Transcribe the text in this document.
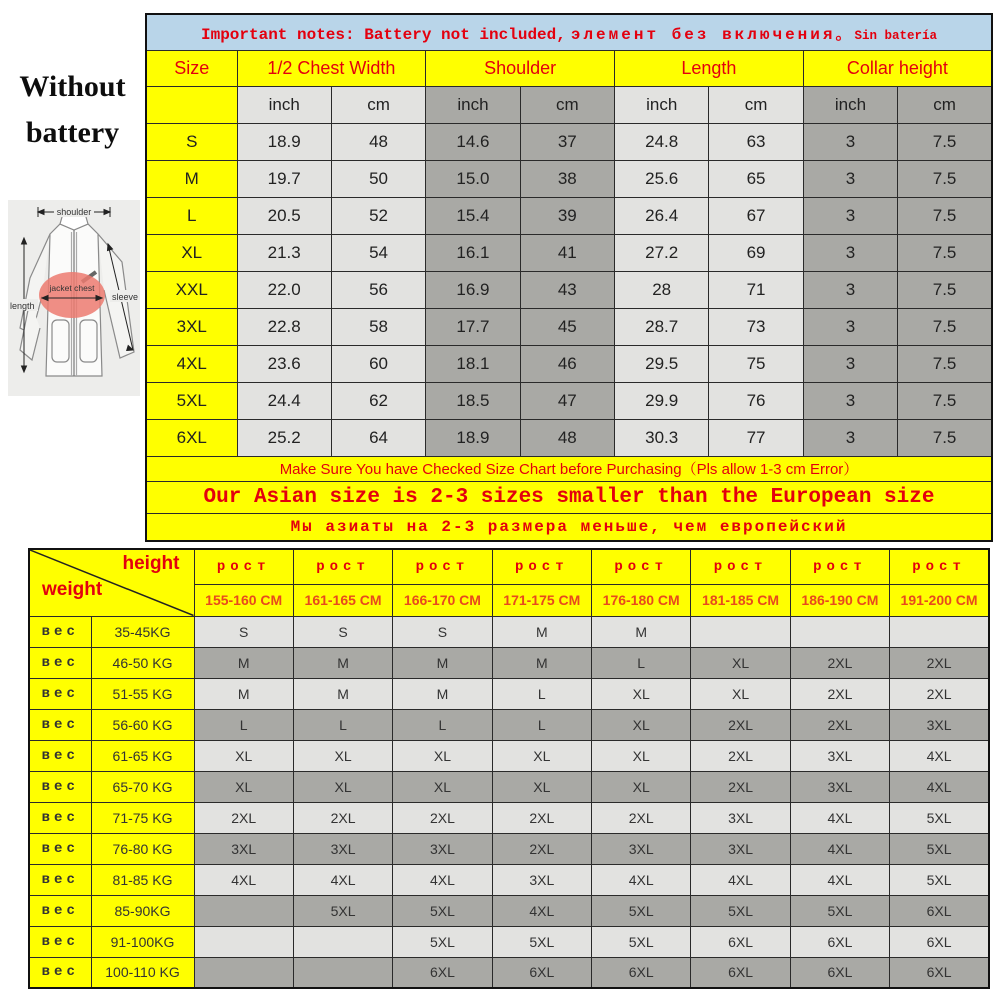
Without
battery
shoulder
length
sleeve
jacket chest
Important notes: Battery not included, элемент без включения。Sin batería								
Size	1/2 Chest Width		Shoulder		Length		Collar height	
	inch	cm	inch	cm	inch	cm	inch	cm
S	18.9	48	14.6	37	24.8	63	3	7.5
M	19.7	50	15.0	38	25.6	65	3	7.5
L	20.5	52	15.4	39	26.4	67	3	7.5
XL	21.3	54	16.1	41	27.2	69	3	7.5
XXL	22.0	56	16.9	43	28	71	3	7.5
3XL	22.8	58	17.7	45	28.7	73	3	7.5
4XL	23.6	60	18.1	46	29.5	75	3	7.5
5XL	24.4	62	18.5	47	29.9	76	3	7.5
6XL	25.2	64	18.9	48	30.3	77	3	7.5
Make Sure You have Checked Size Chart before Purchasing（Pls allow 1-3 cm Error）								
Our Asian size is 2-3 sizes smaller than the European size								
Мы азиаты на 2-3 размера меньше, чем европейский								
height
weight		рост	рост	рост	рост	рост	рост	рост	рост
		155-160 CM	161-165 CM	166-170 CM	171-175 CM	176-180 CM	181-185 CM	186-190 CM	191-200 CM
вес	35-45KG	S	S	S	M	M			
вес	46-50 KG	M	M	M	M	L	XL	2XL	2XL
вес	51-55 KG	M	M	M	L	XL	XL	2XL	2XL
вес	56-60 KG	L	L	L	L	XL	2XL	2XL	3XL
вес	61-65 KG	XL	XL	XL	XL	XL	2XL	3XL	4XL
вес	65-70 KG	XL	XL	XL	XL	XL	2XL	3XL	4XL
вес	71-75 KG	2XL	2XL	2XL	2XL	2XL	3XL	4XL	5XL
вес	76-80 KG	3XL	3XL	3XL	2XL	3XL	3XL	4XL	5XL
вес	81-85 KG	4XL	4XL	4XL	3XL	4XL	4XL	4XL	5XL
вес	85-90KG		5XL	5XL	4XL	5XL	5XL	5XL	6XL
вес	91-100KG			5XL	5XL	5XL	6XL	6XL	6XL
вес	100-110 KG			6XL	6XL	6XL	6XL	6XL	6XL
